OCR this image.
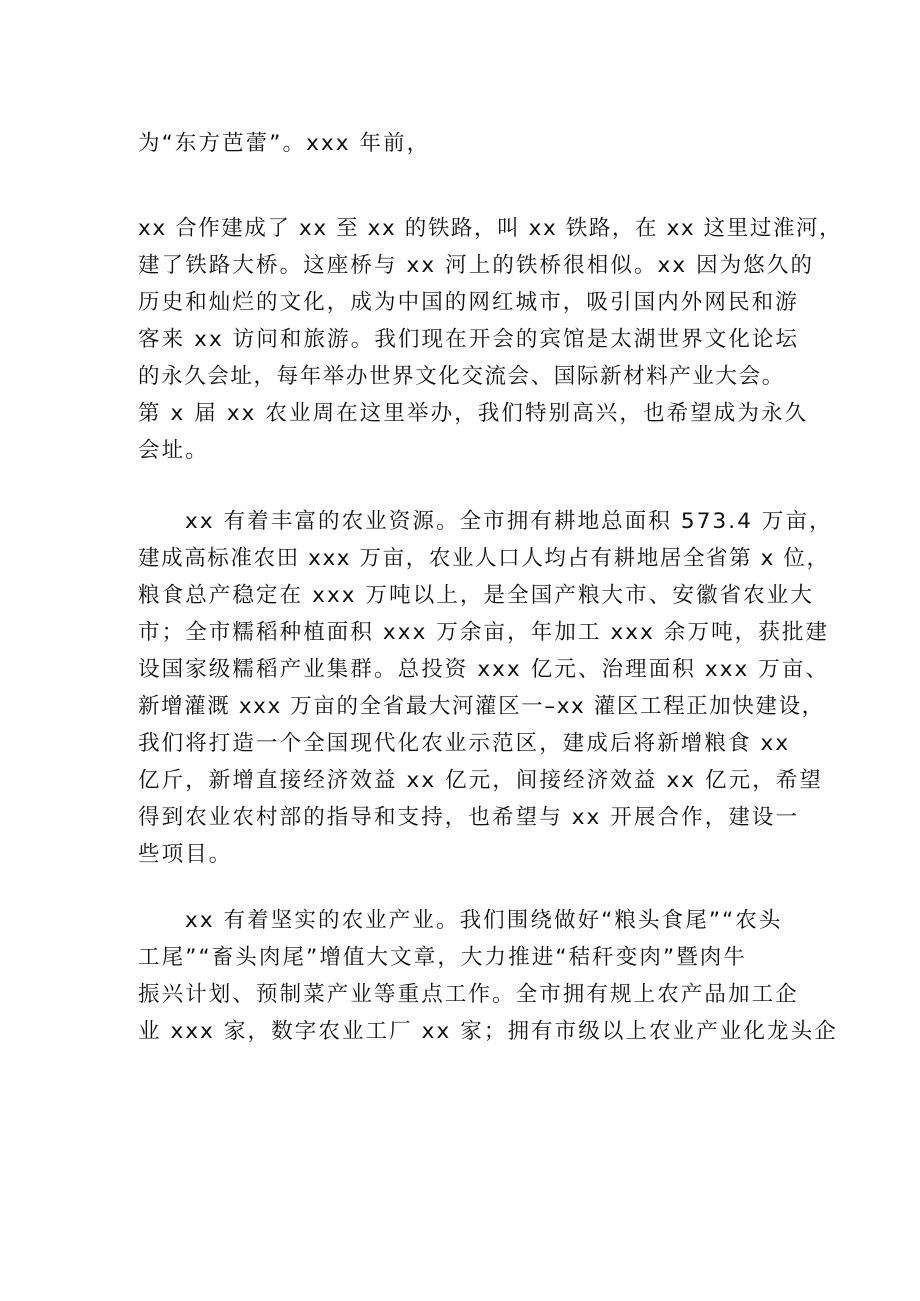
为“东方芭蕾”。xxx 年前，
xx 合作建成了 xx 至 xx 的铁路，叫 xx 铁路，在 xx 这里过淮河，
建了铁路大桥。这座桥与 xx 河上的铁桥很相似。xx 因为悠久的
历史和灿烂的文化，成为中国的网红城市，吸引国内外网民和游
客来 xx 访问和旅游。我们现在开会的宾馆是太湖世界文化论坛
的永久会址，每年举办世界文化交流会、国际新材料产业大会。
第 x 届 xx 农业周在这里举办，我们特别高兴，也希望成为永久
会址。
xx 有着丰富的农业资源。全市拥有耕地总面积 573.4 万亩，
建成高标准农田 xxx 万亩，农业人口人均占有耕地居全省第 x 位，
粮食总产稳定在 xxx 万吨以上，是全国产粮大市、安徽省农业大
市；全市糯稻种植面积 xxx 万余亩，年加工 xxx 余万吨，获批建
设国家级糯稻产业集群。总投资 xxx 亿元、治理面积 xxx 万亩、
新增灌溉 xxx 万亩的全省最大河灌区一–xx 灌区工程正加快建设，
我们将打造一个全国现代化农业示范区，建成后将新增粮食 xx
亿斤，新增直接经济效益 xx 亿元，间接经济效益 xx 亿元，希望
得到农业农村部的指导和支持，也希望与 xx 开展合作，建设一
些项目。
xx 有着坚实的农业产业。我们围绕做好“粮头食尾”“农头
工尾”“畜头肉尾”增值大文章，大力推进“秸秆变肉”暨肉牛
振兴计划、预制菜产业等重点工作。全市拥有规上农产品加工企
业 xxx 家，数字农业工厂 xx 家；拥有市级以上农业产业化龙头企
